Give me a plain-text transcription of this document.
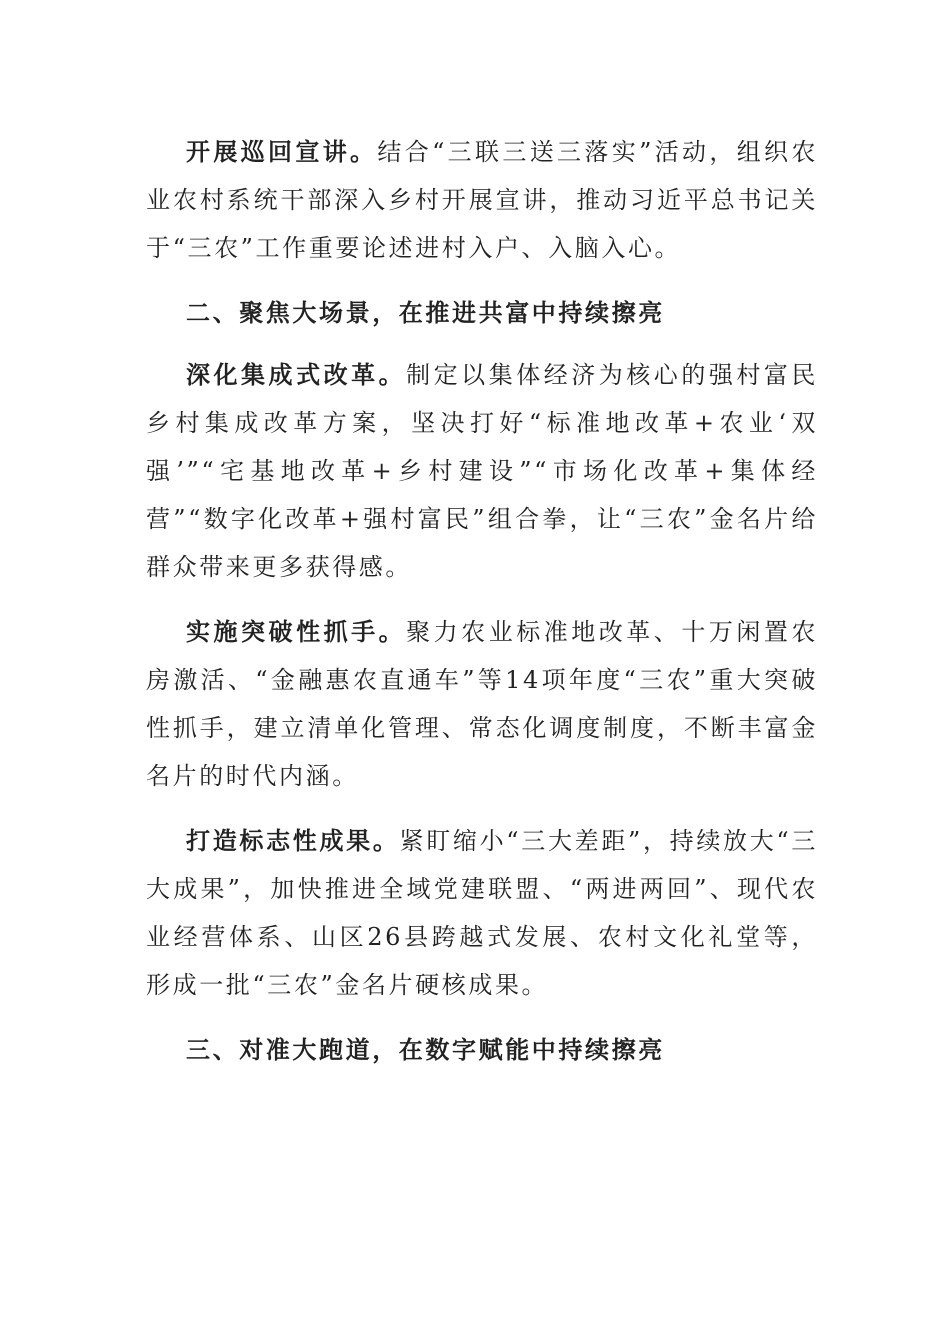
开展巡回宣讲。结合“三联三送三落实”活动，组织农业农村系统干部深入乡村开展宣讲，推动习近平总书记关于“三农”工作重要论述进村入户、入脑入心。

二、聚焦大场景，在推进共富中持续擦亮

深化集成式改革。制定以集体经济为核心的强村富民乡村集成改革方案，坚决打好“标准地改革+农业‘双强’”“宅基地改革+乡村建设”“市场化改革+集体经营”“数字化改革+强村富民”组合拳，让“三农”金名片给群众带来更多获得感。

实施突破性抓手。聚力农业标准地改革、十万闲置农房激活、“金融惠农直通车”等14项年度“三农”重大突破性抓手，建立清单化管理、常态化调度制度，不断丰富金名片的时代内涵。

打造标志性成果。紧盯缩小“三大差距”，持续放大“三大成果”，加快推进全域党建联盟、“两进两回”、现代农业经营体系、山区26县跨越式发展、农村文化礼堂等，形成一批“三农”金名片硬核成果。

三、对准大跑道，在数字赋能中持续擦亮
